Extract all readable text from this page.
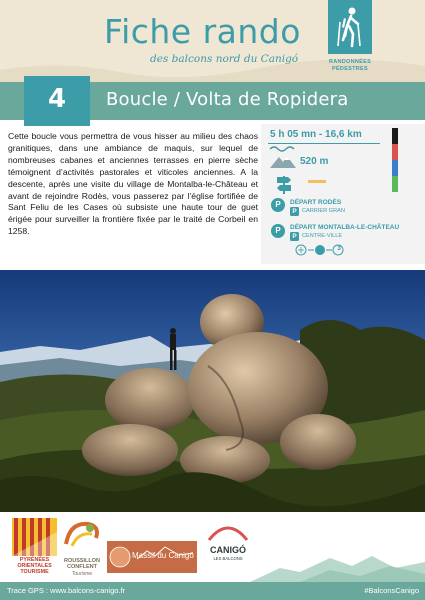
Fiche rando
des balcons nord du Canigó	RANDONNÉES PÉDESTRES
4	Boucle / Volta de Ropidera
Cette boucle vous permettra de vous hisser au milieu des chaos granitiques, dans une ambiance de maquis, sur lequel de nombreuses cabanes et anciennes terrasses en pierre sèche témoignent d’activités pastorales et viticoles anciennes. A la descente, après une visite du village de Montalba-le-Château et avant de rejoindre Rodès, vous passerez par l’église fortifiée de Sant Feliu de les Cases où subsiste une haute tour de guet érigée pour surveiller la frontière fixée par le traité de Corbeil en 1258.
5 h 05 mn - 16,6 km
520 m
P	DÉPART RODÈS
P CARRIER GRAN
P	DÉPART MONTALBA-LE-CHÂTEAU
P CENTRE-VILLE
3
PYRÉNÉES ORIENTALES TOURISME
ROUSSILLON CONFLENT
Tourisme
Massif du Canigó
CANIGÓ
LES BALCONS
Trace GPS : www.balcons-canigo.fr	#BalconsCanigo
